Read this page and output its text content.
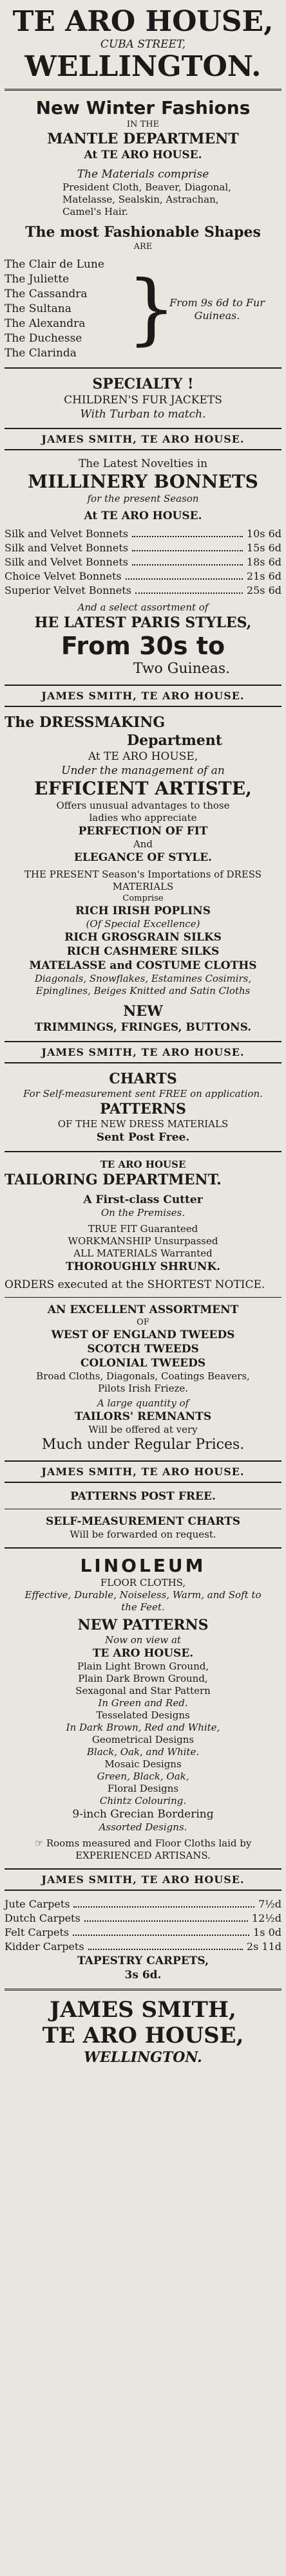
TE ARO HOUSE,
CUBA STREET,
WELLINGTON.
New Winter Fashions
IN THE
MANTLE DEPARTMENT
At TE ARO HOUSE.
The Materials comprise
President Cloth, Beaver, Diagonal, Matelasse, Sealskin, Astrachan, Camel's Hair.
The most Fashionable Shapes
ARE
The Clair de Lune
The Juliette
The Cassandra
The Sultana
The Alexandra
The Duchesse
The Clarinda }
From 9s 6d to Fur Guineas.
SPECIALTY !
CHILDREN'S FUR JACKETS
With Turban to match.
JAMES SMITH, TE ARO HOUSE.
The Latest Novelties in
MILLINERY BONNETS
for the present Season
At TE ARO HOUSE.
Silk and Velvet Bonnets	10s 6d
Silk and Velvet Bonnets	15s 6d
Silk and Velvet Bonnets	18s 6d
Choice Velvet Bonnets	21s 6d
Superior Velvet Bonnets	25s 6d
And a select assortment of
HE LATEST PARIS STYLES,
From 30s to
Two Guineas.
JAMES SMITH, TE ARO HOUSE.
The DRESSMAKING
Department
At TE ARO HOUSE,
Under the management of an
EFFICIENT ARTISTE,
Offers unusual advantages to those ladies who appreciate
PERFECTION OF FIT
And
ELEGANCE OF STYLE.
THE PRESENT Season's Importations of DRESS MATERIALS
Comprise
RICH IRISH POPLINS
(Of Special Excellence)
RICH GROSGRAIN SILKS
RICH CASHMERE SILKS
MATELASSE and COSTUME CLOTHS
Diagonals, Snowflakes, Estamines Cosimirs, Epinglines, Beiges Knitted and Satin Cloths
NEW
TRIMMINGS, FRINGES, BUTTONS.
JAMES SMITH, TE ARO HOUSE.
CHARTS
For Self-measurement sent FREE on application.
PATTERNS
OF THE NEW DRESS MATERIALS
Sent Post Free.
TE ARO HOUSE
TAILORING DEPARTMENT.
A First-class Cutter
On the Premises.
TRUE FIT Guaranteed
WORKMANSHIP Unsurpassed
ALL MATERIALS Warranted
THOROUGHLY SHRUNK.
ORDERS executed at the SHORTEST NOTICE.
AN EXCELLENT ASSORTMENT
OF
WEST OF ENGLAND TWEEDS
SCOTCH TWEEDS
COLONIAL TWEEDS
Broad Cloths, Diagonals, Coatings Beavers, Pilots Irish Frieze.
A large quantity of
TAILORS' REMNANTS
Will be offered at very
Much under Regular Prices.
JAMES SMITH, TE ARO HOUSE.
PATTERNS POST FREE.
SELF-MEASUREMENT CHARTS
Will be forwarded on request.
LINOLEUM
FLOOR CLOTHS,
Effective, Durable, Noiseless, Warm, and Soft to the Feet.
NEW PATTERNS
Now on view at
TE ARO HOUSE.
Plain Light Brown Ground,
Plain Dark Brown Ground,
Sexagonal and Star Pattern
In Green and Red.
Tesselated Designs
In Dark Brown, Red and White,
Geometrical Designs
Black, Oak, and White.
Mosaic Designs
Green, Black, Oak,
Floral Designs
Chintz Colouring.
9-inch Grecian Bordering
Assorted Designs.
☞ Rooms measured and Floor Cloths laid by
EXPERIENCED ARTISANS.
JAMES SMITH, TE ARO HOUSE.
Jute Carpets	7½d
Dutch Carpets	12½d
Felt Carpets	1s 0d
Kidder Carpets	2s 11d
TAPESTRY CARPETS,
3s 6d.
JAMES SMITH,
TE ARO HOUSE,
WELLINGTON.
